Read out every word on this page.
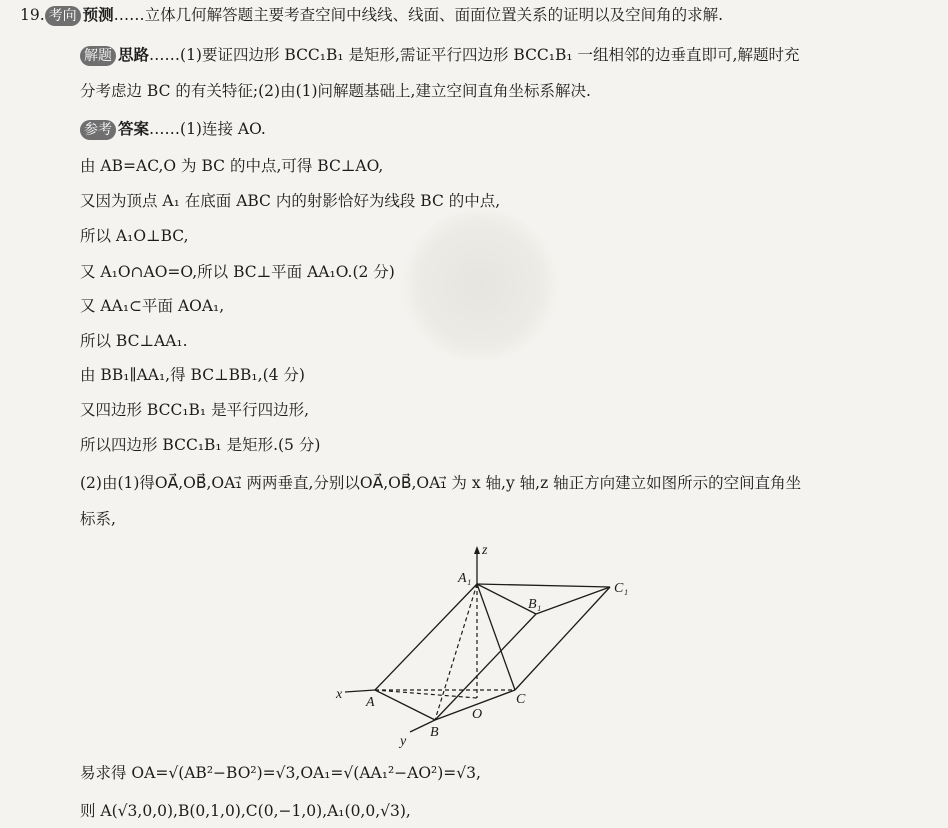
19. 考向 预测……立体几何解答题主要考查空间中线线、线面、面面位置关系的证明以及空间角的求解.
解题 思路……(1)要证四边形 BCC₁B₁ 是矩形,需证平行四边形 BCC₁B₁ 一组相邻的边垂直即可,解题时充
分考虑边 BC 的有关特征;(2)由(1)问解题基础上,建立空间直角坐标系解决.
参考 答案……(1)连接 AO.
由 AB=AC,O 为 BC 的中点,可得 BC⊥AO,
又因为顶点 A₁ 在底面 ABC 内的射影恰好为线段 BC 的中点,
所以 A₁O⊥BC,
又 A₁O∩AO=O,所以 BC⊥平面 AA₁O.(2 分)
又 AA₁⊂平面 AOA₁,
所以 BC⊥AA₁.
由 BB₁∥AA₁,得 BC⊥BB₁,(4 分)
又四边形 BCC₁B₁ 是平行四边形,
所以四边形 BCC₁B₁ 是矩形.(5 分)
(2)由(1)得OA⃗,OB⃗,OA₁⃗ 两两垂直,分别以OA⃗,OB⃗,OA₁⃗ 为 x 轴,y 轴,z 轴正方向建立如图所示的空间直角坐
标系,
z
A₁
C₁
B₁
x
A
O
C
B
y
易求得 OA=√(AB²−BO²)=√3,OA₁=√(AA₁²−AO²)=√3,
则 A(√3,0,0),B(0,1,0),C(0,−1,0),A₁(0,0,√3),
